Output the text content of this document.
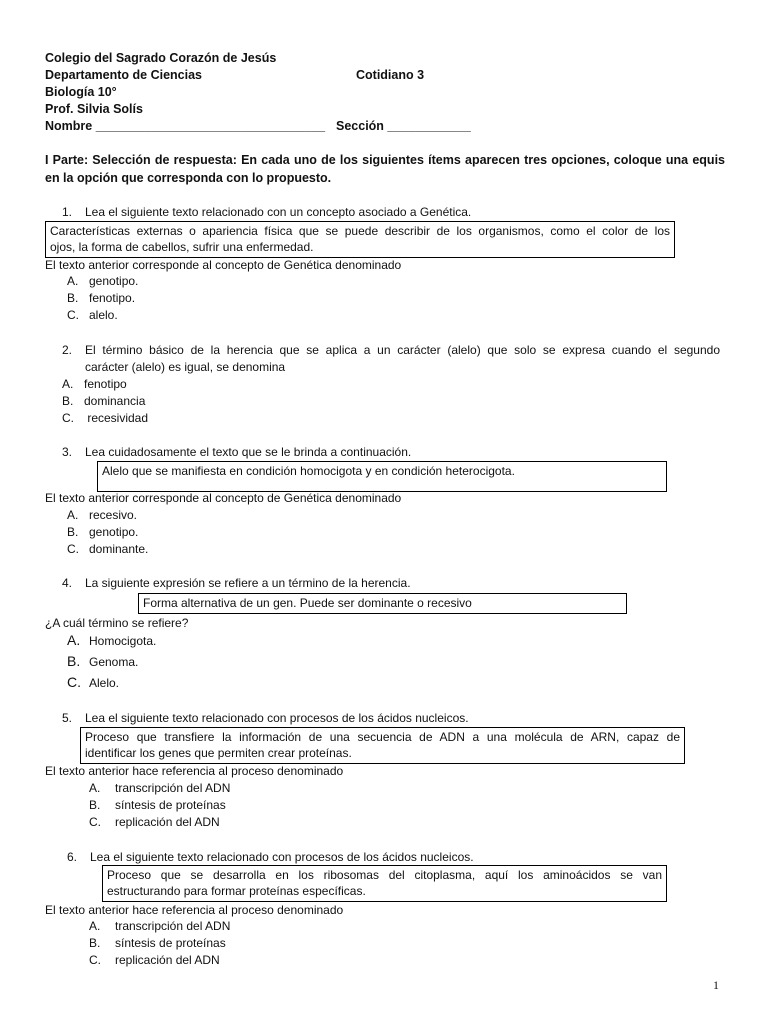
Colegio del Sagrado Corazón de Jesús
Departamento de Ciencias	Cotidiano 3
Biología 10°
Prof. Silvia Solís
Nombre _________________________________ Sección ____________
I Parte: Selección de respuesta: En cada uno de los siguientes ítems aparecen tres opciones, coloque una equis en la opción que corresponda con lo propuesto.
1. Lea el siguiente texto relacionado con un concepto asociado a Genética.
Características externas o apariencia física que se puede describir de los organismos, como el color de los
ojos, la forma de cabellos, sufrir una enfermedad.
El texto anterior corresponde al concepto de Genética denominado
A. genotipo.
B. fenotipo.
C. alelo.
2. El término básico de la herencia que se aplica a un carácter (alelo) que solo se expresa cuando el segundo
carácter (alelo) es igual, se denomina
A. fenotipo
B. dominancia
C. recesividad
3. Lea cuidadosamente el texto que se le brinda a continuación.
Alelo que se manifiesta en condición homocigota y en condición heterocigota.
El texto anterior corresponde al concepto de Genética denominado
A. recesivo.
B. genotipo.
C. dominante.
4. La siguiente expresión se refiere a un término de la herencia.
Forma alternativa de un gen. Puede ser dominante o recesivo
¿A cuál término se refiere?
A. Homocigota.
B. Genoma.
C. Alelo.
5. Lea el siguiente texto relacionado con procesos de los ácidos nucleicos.
Proceso que transfiere la información de una secuencia de ADN a una molécula de ARN, capaz de
identificar los genes que permiten crear proteínas.
El texto anterior hace referencia al proceso denominado
A. transcripción del ADN
B. síntesis de proteínas
C. replicación del ADN
6. Lea el siguiente texto relacionado con procesos de los ácidos nucleicos.
Proceso que se desarrolla en los ribosomas del citoplasma, aquí los aminoácidos se van
estructurando para formar proteínas específicas.
El texto anterior hace referencia al proceso denominado
A. transcripción del ADN
B. síntesis de proteínas
C. replicación del ADN
1
